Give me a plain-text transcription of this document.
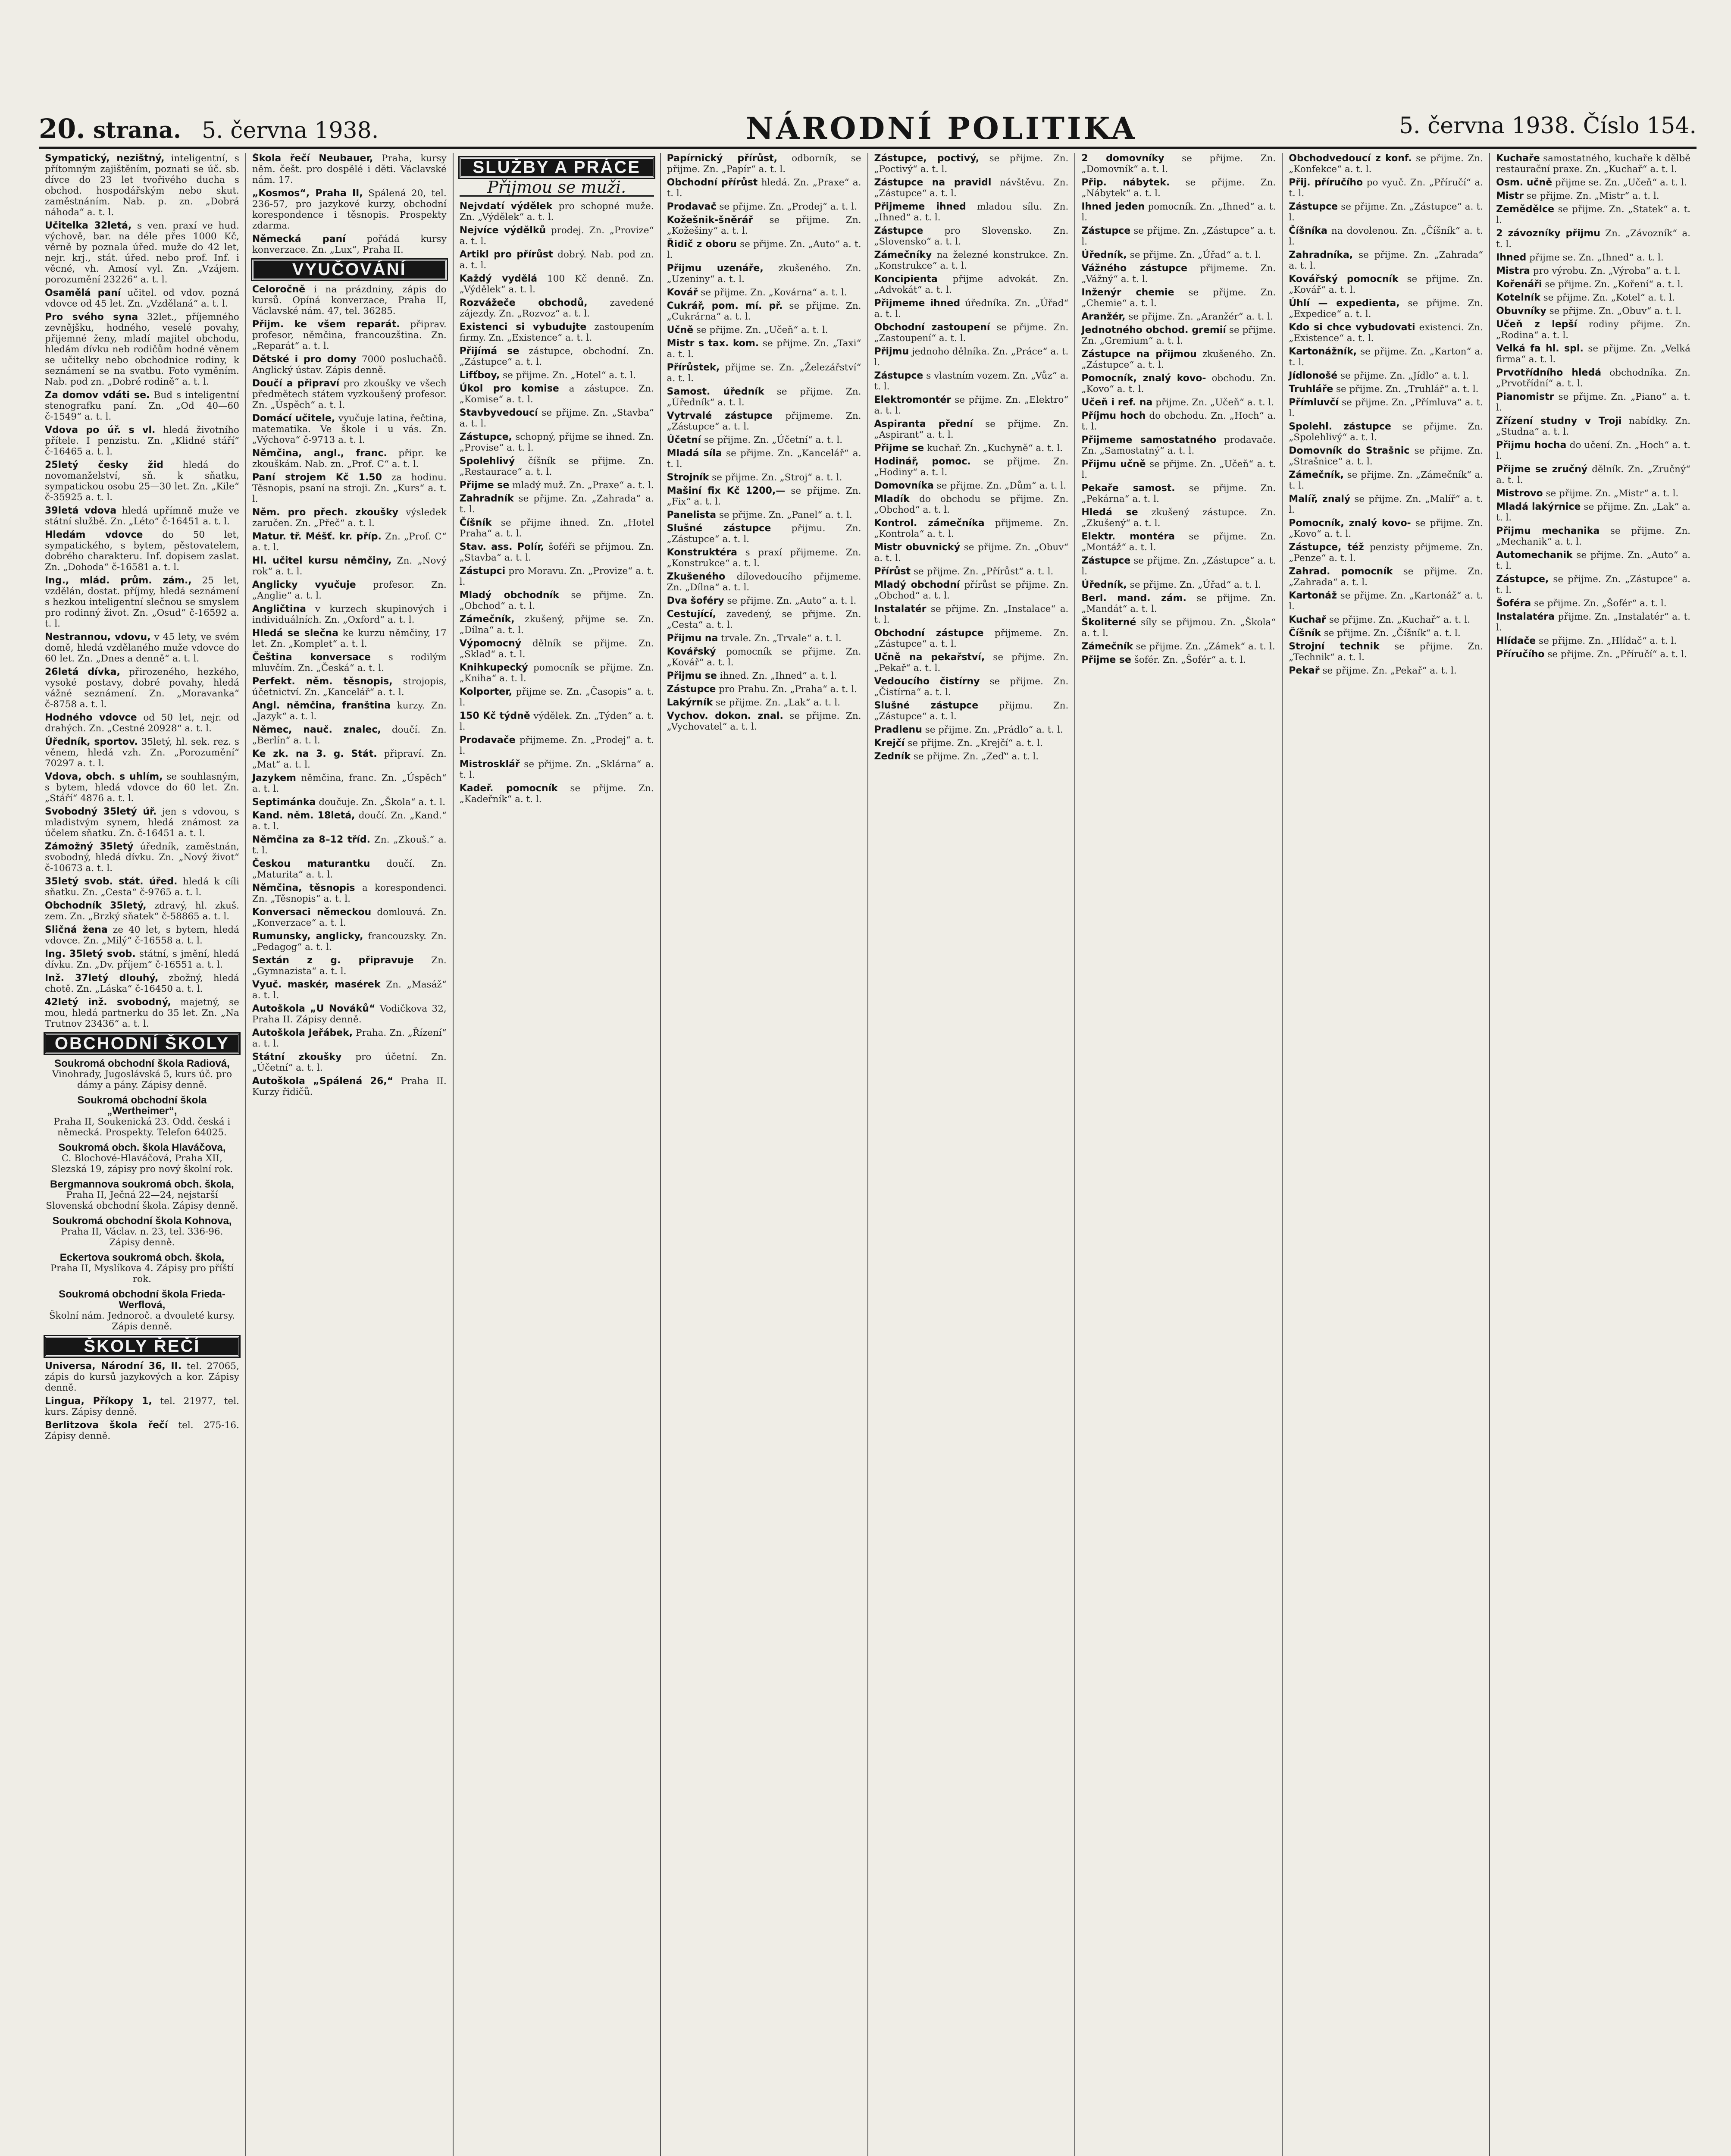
20. strana. 5. června 1938.	NÁRODNÍ POLITIKA	5. června 1938. Číslo 154.
Sympatický, nezištný, inteligentní, s přítomným zajištěním, poznati se úč. sb. dívce do 23 let tvořivého ducha s obchod. hospodářským nebo skut. zaměstnáním. Nab. p. zn. „Dobrá náhoda“ a. t. l.
Učitelka 32letá, s ven. praxí ve hud. výchově, bar. na déle přes 1000 Kč, věrně by poznala úřed. muže do 42 let, nejr. krj., stát. úřed. nebo prof. Inf. i věcné, vh. Amosí vyl. Zn. „Vzájem. porozumění 23226“ a. t. l.
Osamělá paní učitel. od vdov. pozná vdovce od 45 let. Zn. „Vzdělaná“ a. t. l.
Pro svého syna 32let., příjemného zevnějšku, hodného, veselé povahy, přijemné ženy, mladí majitel obchodu, hledám dívku neb rodičům hodné věnem se učitelky nebo obchodnice rodiny, k seznámení se na svatbu. Foto vyměním. Nab. pod zn. „Dobré rodině“ a. t. l.
Za domov vdáti se. Bud s inteligentní stenografku paní. Zn. „Od 40—60 č-1549“ a. t. l.
Vdova po úř. s vl. hledá životního přítele. I penzistu. Zn. „Klidné stáří“ č-16465 a. t. l.
25letý česky žid hledá do novomanželství, sň. k sňatku, sympatickou osobu 25—30 let. Zn. „Kile“ č-35925 a. t. l.
39letá vdova hledá upřímně muže ve státní službě. Zn. „Léto“ č-16451 a. t. l.
Hledám vdovce do 50 let, sympatického, s bytem, pěstovatelem, dobrého charakteru. Inf. dopisem zaslat. Zn. „Dohoda“ č-16581 a. t. l.
Ing., mlád. prům. zám., 25 let, vzdělán, dostat. příjmy, hledá seznámení s hezkou inteligentní slečnou se smyslem pro rodinný život. Zn. „Osud“ č-16592 a. t. l.
Nestrannou, vdovu, v 45 lety, ve svém domě, hledá vzdělaného muže vdovce do 60 let. Zn. „Dnes a denně“ a. t. l.
26letá dívka, přirozeného, hezkého, vysoké postavy, dobré povahy, hledá vážné seznámení. Zn. „Moravanka“ č-8758 a. t. l.
Hodného vdovce od 50 let, nejr. od drahých. Zn. „Cestné 20928“ a. t. l.
Úředník, sportov. 35letý, hl. sek. rez. s věnem, hledá vzh. Zn. „Porozumění“ 70297 a. t. l.
Vdova, obch. s uhlím, se souhlasným, s bytem, hledá vdovce do 60 let. Zn. „Stáří“ 4876 a. t. l.
Svobodný 35letý úř. jen s vdovou, s mladistvým synem, hledá známost za účelem sňatku. Zn. č-16451 a. t. l.
Zámožný 35letý úředník, zaměstnán, svobodný, hledá dívku. Zn. „Nový život“ č-10673 a. t. l.
35letý svob. stát. úřed. hledá k cíli sňatku. Zn. „Cesta“ č-9765 a. t. l.
Obchodník 35letý, zdravý, hl. zkuš. zem. Zn. „Brzký sňatek“ č-58865 a. t. l.
Sličná žena ze 40 let, s bytem, hledá vdovce. Zn. „Milý“ č-16558 a. t. l.
Ing. 35letý svob. státní, s jmění, hledá dívku. Zn. „Dv. příjem“ č-16551 a. t. l.
Inž. 37letý dlouhý, zbožný, hledá chotě. Zn. „Láska“ č-16450 a. t. l.
42letý inž. svobodný, majetný, se mou, hledá partnerku do 35 let. Zn. „Na Trutnov 23436“ a. t. l.
OBCHODNÍ ŠKOLY
Soukromá obchodní škola Radiová,
Vinohrady, Jugoslávská 5, kurs úč. pro dámy a pány. Zápisy denně.
Soukromá obchodní škola „Wertheimer“,
Praha II, Soukenická 23. Odd. česká i německá. Prospekty. Telefon 64025.
Soukromá obch. škola Hlaváčova,
C. Blochové-Hlaváčová, Praha XII, Slezská 19, zápisy pro nový školní rok.
Bergmannova soukromá obch. škola,
Praha II, Ječná 22—24, nejstarší Slovenská obchodní škola. Zápisy denně.
Soukromá obchodní škola Kohnova,
Praha II, Václav. n. 23, tel. 336-96. Zápisy denně.
Eckertova soukromá obch. škola,
Praha II, Myslíkova 4. Zápisy pro příští rok.
Soukromá obchodní škola Frieda-Werflová,
Školní nám. Jednoroč. a dvouleté kursy. Zápis denně.
ŠKOLY ŘEČÍ
Universa, Národní 36, II. tel. 27065, zápis do kursů jazykových a kor. Zápisy denně.
Lingua, Příkopy 1, tel. 21977, tel. kurs. Zápisy denně.
Berlitzova škola řečí tel. 275-16. Zápisy denně.
Škola řečí Neubauer, Praha, kursy něm. češt. pro dospělé i děti. Václavské nám. 17.
„Kosmos“, Praha II, Spálená 20, tel. 236-57, pro jazykové kurzy, obchodní korespondence i těsnopis. Prospekty zdarma.
Německá paní pořádá kursy konverzace. Zn. „Lux“, Praha II.
VYUČOVÁNÍ
Celoročně i na prázdniny, zápis do kursů. Opíná konverzace, Praha II, Václavské nám. 47, tel. 36285.
Přijm. ke všem reparát. připrav. profesor, němčina, francouzština. Zn. „Reparát“ a. t. l.
Dětské i pro domy 7000 posluchačů. Anglický ústav. Zápis denně.
Doučí a připraví pro zkoušky ve všech předmětech státem vyzkoušený profesor. Zn. „Úspěch“ a. t. l.
Domácí učitele, vyučuje latina, řečtina, matematika. Ve škole i u vás. Zn. „Výchova“ č-9713 a. t. l.
Němčina, angl., franc. připr. ke zkouškám. Nab. zn. „Prof. C“ a. t. l.
Paní strojem Kč 1.50 za hodinu. Těsnopis, psaní na stroji. Zn. „Kurs“ a. t. l.
Něm. pro přech. zkoušky výsledek zaručen. Zn. „Přeč“ a. t. l.
Matur. tř. Méšť. kr. příp. Zn. „Prof. C“ a. t. l.
Hl. učitel kursu němčiny, Zn. „Nový rok“ a. t. l.
Anglicky vyučuje profesor. Zn. „Anglie“ a. t. l.
Angličtina v kurzech skupinových i individuálních. Zn. „Oxford“ a. t. l.
Hledá se slečna ke kurzu němčiny, 17 let. Zn. „Komplet“ a. t. l.
Čeština konversace s rodilým mluvčím. Zn. „Česká“ a. t. l.
Perfekt. něm. těsnopis, strojopis, účetnictví. Zn. „Kancelář“ a. t. l.
Angl. němčina, franština kurzy. Zn. „Jazyk“ a. t. l.
Němec, nauč. znalec, doučí. Zn. „Berlín“ a. t. l.
Ke zk. na 3. g. Stát. připraví. Zn. „Mat“ a. t. l.
Jazykem němčina, franc. Zn. „Úspěch“ a. t. l.
Septimánka doučuje. Zn. „Škola“ a. t. l.
Kand. něm. 18letá, doučí. Zn. „Kand.“ a. t. l.
Němčina za 8–12 tříd. Zn. „Zkouš.“ a. t. l.
Českou maturantku doučí. Zn. „Maturita“ a. t. l.
Němčina, těsnopis a korespondenci. Zn. „Těsnopis“ a. t. l.
Konversaci německou domlouvá. Zn. „Konverzace“ a. t. l.
Rumunsky, anglicky, francouzsky. Zn. „Pedagog“ a. t. l.
Sextán z g. připravuje Zn. „Gymnazista“ a. t. l.
Vyuč. maskér, masérek Zn. „Masáž“ a. t. l.
Autoškola „U Nováků“ Vodičkova 32, Praha II. Zápisy denně.
Autoškola Jeřábek, Praha. Zn. „Řízení“ a. t. l.
Státní zkoušky pro účetní. Zn. „Účetní“ a. t. l.
Autoškola „Spálená 26,“ Praha II. Kurzy řidičů.
SLUŽBY A PRÁCE
Přijmou se muži.
Nejvdatí výdělek pro schopné muže. Zn. „Výdělek“ a. t. l.
Nejvíce výdělků prodej. Zn. „Provize“ a. t. l.
Artikl pro přírůst dobrý. Nab. pod zn. a. t. l.
Každý vydělá 100 Kč denně. Zn. „Výdělek“ a. t. l.
Rozvážeče obchodů, zavedené zájezdy. Zn. „Rozvoz“ a. t. l.
Existenci si vybudujte zastoupením firmy. Zn. „Existence“ a. t. l.
Přijímá se zástupce, obchodní. Zn. „Zástupce“ a. t. l.
Lifťboy, se přijme. Zn. „Hotel“ a. t. l.
Úkol pro komise a zástupce. Zn. „Komise“ a. t. l.
Stavbyvedoucí se přijme. Zn. „Stavba“ a. t. l.
Zástupce, schopný, přijme se ihned. Zn. „Provise“ a. t. l.
Spolehlivý číšník se přijme. Zn. „Restaurace“ a. t. l.
Přijme se mladý muž. Zn. „Praxe“ a. t. l.
Zahradník se přijme. Zn. „Zahrada“ a. t. l.
Číšník se přijme ihned. Zn. „Hotel Praha“ a. t. l.
Stav. ass. Polír, šoféři se přijmou. Zn. „Stavba“ a. t. l.
Zástupci pro Moravu. Zn. „Provize“ a. t. l.
Mladý obchodník se přijme. Zn. „Obchod“ a. t. l.
Zámečník, zkušený, přijme se. Zn. „Dílna“ a. t. l.
Výpomocný dělník se přijme. Zn. „Sklad“ a. t. l.
Knihkupecký pomocník se přijme. Zn. „Kniha“ a. t. l.
Kolporter, přijme se. Zn. „Časopis“ a. t. l.
150 Kč týdně výdělek. Zn. „Týden“ a. t. l.
Prodavače přijmeme. Zn. „Prodej“ a. t. l.
Mistrosklář se přijme. Zn. „Sklárna“ a. t. l.
Kadeř. pomocník se přijme. Zn. „Kadeřník“ a. t. l.
Papírnický přírůst, odborník, se přijme. Zn. „Papír“ a. t. l.
Obchodní přírůst hledá. Zn. „Praxe“ a. t. l.
Prodavač se přijme. Zn. „Prodej“ a. t. l.
Kožešnik-šněrář se přijme. Zn. „Kožešiny“ a. t. l.
Řidič z oboru se přijme. Zn. „Auto“ a. t. l.
Přijmu uzenáře, zkušeného. Zn. „Uzeniny“ a. t. l.
Kovář se přijme. Zn. „Kovárna“ a. t. l.
Cukrář, pom. mí. př. se přijme. Zn. „Cukrárna“ a. t. l.
Učně se přijme. Zn. „Učeň“ a. t. l.
Mistr s tax. kom. se přijme. Zn. „Taxi“ a. t. l.
Přírůstek, přijme se. Zn. „Železářství“ a. t. l.
Samost. úředník se přijme. Zn. „Úředník“ a. t. l.
Vytrvalé zástupce přijmeme. Zn. „Zástupce“ a. t. l.
Účetní se přijme. Zn. „Účetní“ a. t. l.
Mladá síla se přijme. Zn. „Kancelář“ a. t. l.
Strojník se přijme. Zn. „Stroj“ a. t. l.
Mašiní fix Kč 1200,— se přijme. Zn. „Fix“ a. t. l.
Panelista se přijme. Zn. „Panel“ a. t. l.
Slušné zástupce přijmu. Zn. „Zástupce“ a. t. l.
Konstruktéra s praxí přijmeme. Zn. „Konstrukce“ a. t. l.
Zkušeného dílovedoucího přijmeme. Zn. „Dílna“ a. t. l.
Dva šoféry se přijme. Zn. „Auto“ a. t. l.
Cestující, zavedený, se přijme. Zn. „Cesta“ a. t. l.
Přijmu na trvale. Zn. „Trvale“ a. t. l.
Kovářský pomocník se přijme. Zn. „Kovář“ a. t. l.
Přijmu se ihned. Zn. „Ihned“ a. t. l.
Zástupce pro Prahu. Zn. „Praha“ a. t. l.
Lakýrník se přijme. Zn. „Lak“ a. t. l.
Vychov. dokon. znal. se přijme. Zn. „Vychovatel“ a. t. l.
Zástupce, poctivý, se přijme. Zn. „Poctivý“ a. t. l.
Zástupce na pravidl návštěvu. Zn. „Zástupce“ a. t. l.
Přijmeme ihned mladou sílu. Zn. „Ihned“ a. t. l.
Zástupce pro Slovensko. Zn. „Slovensko“ a. t. l.
Zámečníky na železné konstrukce. Zn. „Konstrukce“ a. t. l.
Koncipienta přijme advokát. Zn. „Advokát“ a. t. l.
Přijmeme ihned úředníka. Zn. „Úřad“ a. t. l.
Obchodní zastoupení se přijme. Zn. „Zastoupení“ a. t. l.
Přijmu jednoho dělníka. Zn. „Práce“ a. t. l.
Zástupce s vlastním vozem. Zn. „Vůz“ a. t. l.
Elektromontér se přijme. Zn. „Elektro“ a. t. l.
Aspiranta přední se přijme. Zn. „Aspirant“ a. t. l.
Přijme se kuchař. Zn. „Kuchyně“ a. t. l.
Hodinář, pomoc. se přijme. Zn. „Hodiny“ a. t. l.
Domovníka se přijme. Zn. „Dům“ a. t. l.
Mladík do obchodu se přijme. Zn. „Obchod“ a. t. l.
Kontrol. zámečníka přijmeme. Zn. „Kontrola“ a. t. l.
Mistr obuvnický se přijme. Zn. „Obuv“ a. t. l.
Přírůst se přijme. Zn. „Přírůst“ a. t. l.
Mladý obchodní přírůst se přijme. Zn. „Obchod“ a. t. l.
Instalatér se přijme. Zn. „Instalace“ a. t. l.
Obchodní zástupce přijmeme. Zn. „Zástupce“ a. t. l.
Učně na pekařství, se přijme. Zn. „Pekař“ a. t. l.
Vedoucího čistírny se přijme. Zn. „Čistírna“ a. t. l.
Slušné zástupce přijmu. Zn. „Zástupce“ a. t. l.
Pradlenu se přijme. Zn. „Prádlo“ a. t. l.
Krejčí se přijme. Zn. „Krejčí“ a. t. l.
Zedník se přijme. Zn. „Zeď“ a. t. l.
2 domovníky se přijme. Zn. „Domovník“ a. t. l.
Přip. nábytek. se přijme. Zn. „Nábytek“ a. t. l.
Ihned jeden pomocník. Zn. „Ihned“ a. t. l.
Zástupce se přijme. Zn. „Zástupce“ a. t. l.
Úředník, se přijme. Zn. „Úřad“ a. t. l.
Vážného zástupce přijmeme. Zn. „Vážný“ a. t. l.
Inženýr chemie se přijme. Zn. „Chemie“ a. t. l.
Aranžér, se přijme. Zn. „Aranžér“ a. t. l.
Jednotného obchod. gremií se přijme. Zn. „Gremium“ a. t. l.
Zástupce na přijmou zkušeného. Zn. „Zástupce“ a. t. l.
Pomocník, znalý kovo- obchodu. Zn. „Kovo“ a. t. l.
Učeň i ref. na přijme. Zn. „Učeň“ a. t. l.
Příjmu hoch do obchodu. Zn. „Hoch“ a. t. l.
Přijmeme samostatného prodavače. Zn. „Samostatný“ a. t. l.
Přijmu učně se přijme. Zn. „Učeň“ a. t. l.
Pekaře samost. se přijme. Zn. „Pekárna“ a. t. l.
Hledá se zkušený zástupce. Zn. „Zkušený“ a. t. l.
Elektr. montéra se přijme. Zn. „Montáž“ a. t. l.
Zástupce se přijme. Zn. „Zástupce“ a. t. l.
Úředník, se přijme. Zn. „Úřad“ a. t. l.
Berl. mand. zám. se přijme. Zn. „Mandát“ a. t. l.
Školiterné síly se přijmou. Zn. „Škola“ a. t. l.
Zámečník se přijme. Zn. „Zámek“ a. t. l.
Přijme se šofér. Zn. „Šofér“ a. t. l.
Obchodvedoucí z konf. se přijme. Zn. „Konfekce“ a. t. l.
Přij. příručího po vyuč. Zn. „Příručí“ a. t. l.
Zástupce se přijme. Zn. „Zástupce“ a. t. l.
Číšníka na dovolenou. Zn. „Číšník“ a. t. l.
Zahradníka, se přijme. Zn. „Zahrada“ a. t. l.
Kovářský pomocník se přijme. Zn. „Kovář“ a. t. l.
Úhlí — expedienta, se přijme. Zn. „Expedice“ a. t. l.
Kdo si chce vybudovati existenci. Zn. „Existence“ a. t. l.
Kartonážník, se přijme. Zn. „Karton“ a. t. l.
Jídlonošé se přijme. Zn. „Jídlo“ a. t. l.
Truhláře se přijme. Zn. „Truhlář“ a. t. l.
Přímluvčí se přijme. Zn. „Přímluva“ a. t. l.
Spolehl. zástupce se přijme. Zn. „Spolehlivý“ a. t. l.
Domovník do Strašnic se přijme. Zn. „Strašnice“ a. t. l.
Zámečník, se přijme. Zn. „Zámečník“ a. t. l.
Malíř, znalý se přijme. Zn. „Malíř“ a. t. l.
Pomocník, znalý kovo- se přijme. Zn. „Kovo“ a. t. l.
Zástupce, též penzisty přijmeme. Zn. „Penze“ a. t. l.
Zahrad. pomocník se přijme. Zn. „Zahrada“ a. t. l.
Kartonáž se přijme. Zn. „Kartonáž“ a. t. l.
Kuchař se přijme. Zn. „Kuchař“ a. t. l.
Číšník se přijme. Zn. „Číšník“ a. t. l.
Strojní technik se přijme. Zn. „Technik“ a. t. l.
Pekař se přijme. Zn. „Pekař“ a. t. l.
Kuchaře samostatného, kuchaře k dělbě restaurační praxe. Zn. „Kuchař“ a. t. l.
Osm. učně přijme se. Zn. „Učeň“ a. t. l.
Mistr se přijme. Zn. „Mistr“ a. t. l.
Zemědělce se přijme. Zn. „Statek“ a. t. l.
2 závozníky přijmu Zn. „Závozník“ a. t. l.
Ihned přijme se. Zn. „Ihned“ a. t. l.
Mistra pro výrobu. Zn. „Výroba“ a. t. l.
Kořenáři se přijme. Zn. „Koření“ a. t. l.
Kotelník se přijme. Zn. „Kotel“ a. t. l.
Obuvníky se přijme. Zn. „Obuv“ a. t. l.
Učeň z lepší rodiny přijme. Zn. „Rodina“ a. t. l.
Velká fa hl. spl. se přijme. Zn. „Velká firma“ a. t. l.
Prvotřídního hledá obchodníka. Zn. „Prvotřídní“ a. t. l.
Pianomistr se přijme. Zn. „Piano“ a. t. l.
Zřízení studny v Troji nabídky. Zn. „Studna“ a. t. l.
Přijmu hocha do učení. Zn. „Hoch“ a. t. l.
Přijme se zručný dělník. Zn. „Zručný“ a. t. l.
Mistrovo se přijme. Zn. „Mistr“ a. t. l.
Mladá lakýrnice se přijme. Zn. „Lak“ a. t. l.
Přijmu mechanika se přijme. Zn. „Mechanik“ a. t. l.
Automechanik se přijme. Zn. „Auto“ a. t. l.
Zástupce, se přijme. Zn. „Zástupce“ a. t. l.
Šoféra se přijme. Zn. „Šofér“ a. t. l.
Instalatéra přijme. Zn. „Instalatér“ a. t. l.
Hlídače se přijme. Zn. „Hlídač“ a. t. l.
Příručího se přijme. Zn. „Příručí“ a. t. l.
